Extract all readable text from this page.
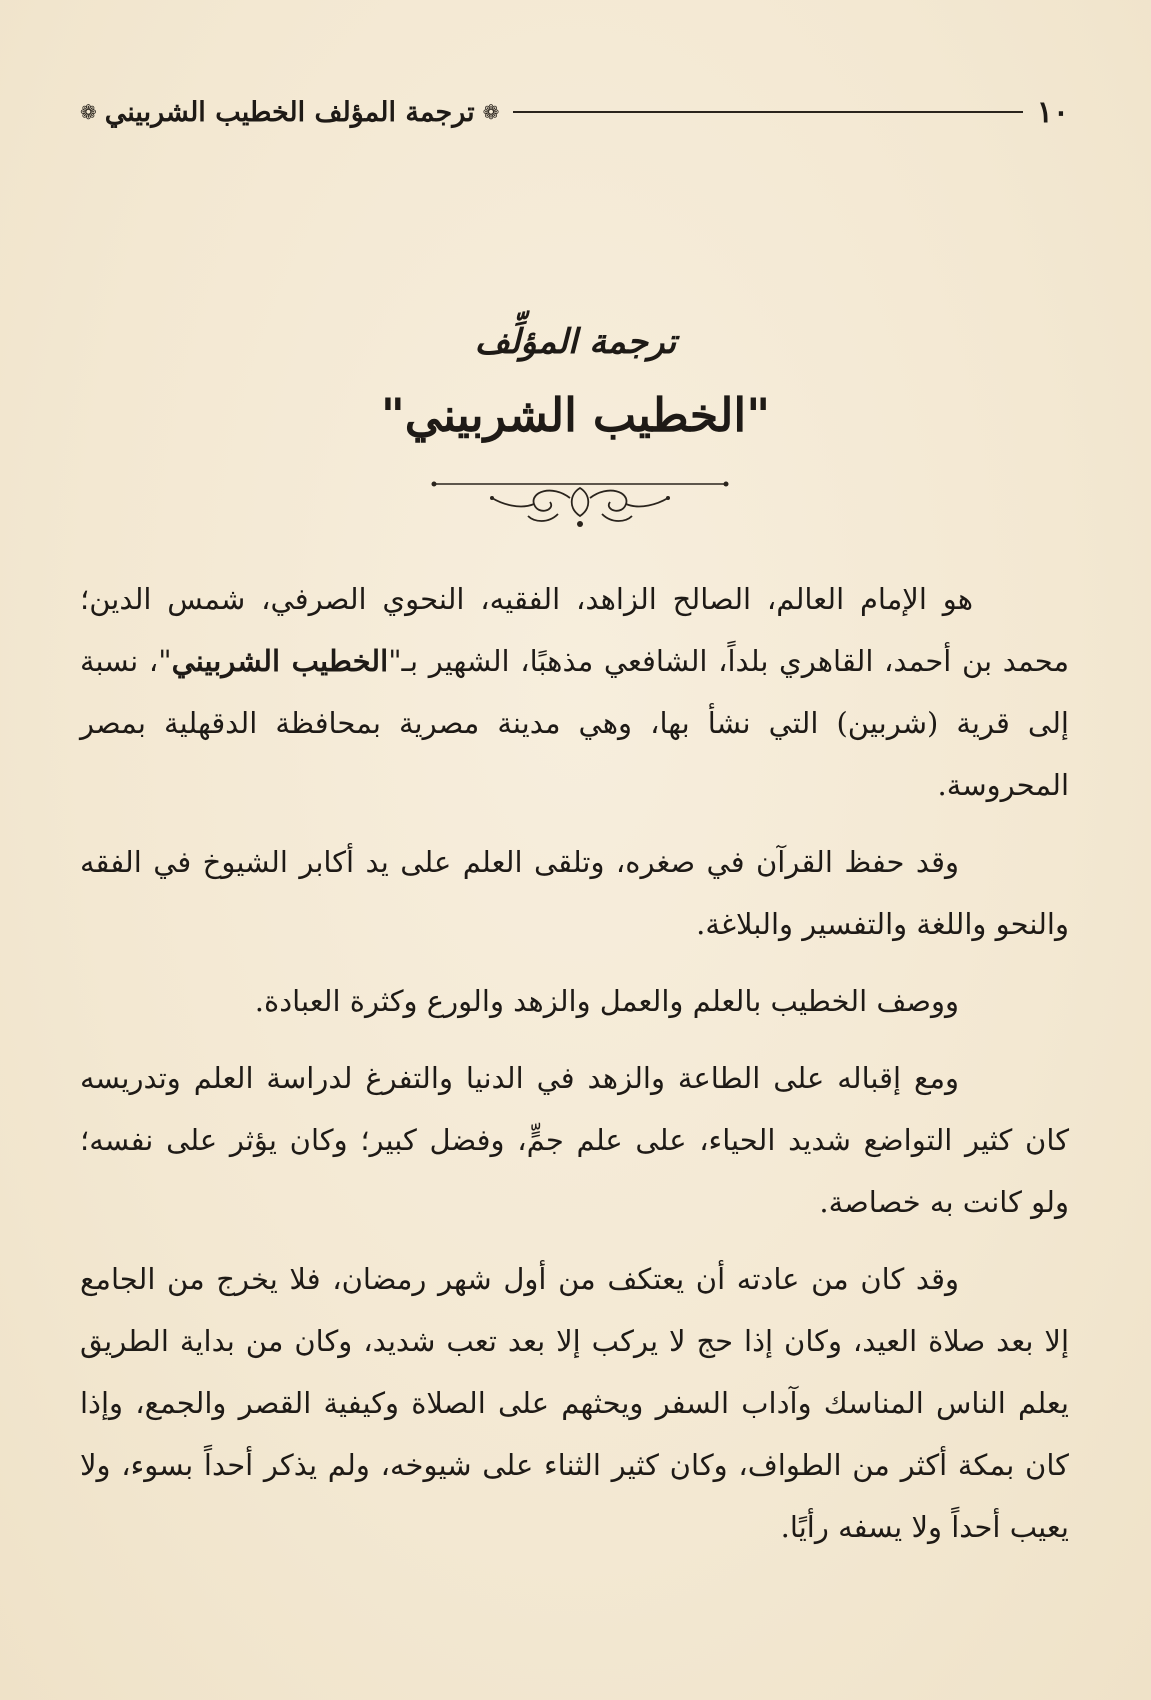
١٠
❁
ترجمة المؤلف الخطيب الشربيني
❁
ترجمة المؤلِّف
"الخطيب الشربيني"

هو الإمام العالم، الصالح الزاهد، الفقيه، النحوي الصرفي، شمس الدين؛ محمد بن أحمد، القاهري بلداً، الشافعي مذهبًا، الشهير بـ"الخطيب الشربيني"، نسبة إلى قرية (شربين) التي نشأ بها، وهي مدينة مصرية بمحافظة الدقهلية بمصر المحروسة.

وقد حفظ القرآن في صغره، وتلقى العلم على يد أكابر الشيوخ في الفقه والنحو واللغة والتفسير والبلاغة.

ووصف الخطيب بالعلم والعمل والزهد والورع وكثرة العبادة.

ومع إقباله على الطاعة والزهد في الدنيا والتفرغ لدراسة العلم وتدريسه كان كثير التواضع شديد الحياء، على علم جمٍّ، وفضل كبير؛ وكان يؤثر على نفسه؛ ولو كانت به خصاصة.

وقد كان من عادته أن يعتكف من أول شهر رمضان، فلا يخرج من الجامع إلا بعد صلاة العيد، وكان إذا حج لا يركب إلا بعد تعب شديد، وكان من بداية الطريق يعلم الناس المناسك وآداب السفر ويحثهم على الصلاة وكيفية القصر والجمع، وإذا كان بمكة أكثر من الطواف، وكان كثير الثناء على شيوخه، ولم يذكر أحداً بسوء، ولا يعيب أحداً ولا يسفه رأيًا.
